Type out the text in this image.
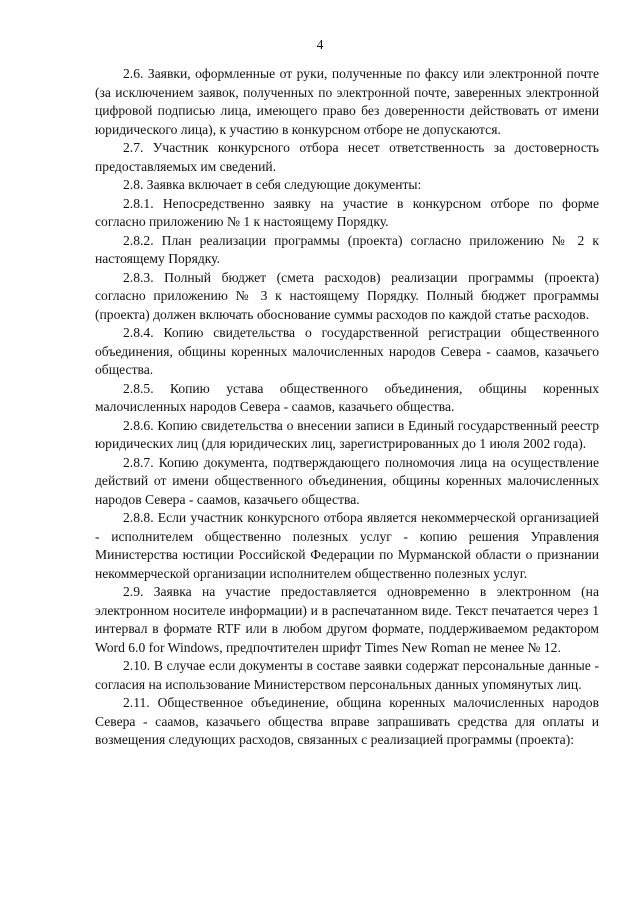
4

2.6. Заявки, оформленные от руки, полученные по факсу или электронной почте (за исключением заявок, полученных по электронной почте, заверенных электронной цифровой подписью лица, имеющего право без доверенности действовать от имени юридического лица), к участию в конкурсном отборе не допускаются.

2.7. Участник конкурсного отбора несет ответственность за достоверность предоставляемых им сведений.

2.8. Заявка включает в себя следующие документы:

2.8.1. Непосредственно заявку на участие в конкурсном отборе по форме согласно приложению № 1 к настоящему Порядку.

2.8.2. План реализации программы (проекта) согласно приложению № 2 к настоящему Порядку.

2.8.3. Полный бюджет (смета расходов) реализации программы (проекта) согласно приложению № 3 к настоящему Порядку. Полный бюджет программы (проекта) должен включать обоснование суммы расходов по каждой статье расходов.

2.8.4. Копию свидетельства о государственной регистрации общественного объединения, общины коренных малочисленных народов Севера - саамов, казачьего общества.

2.8.5. Копию устава общественного объединения, общины коренных малочисленных народов Севера - саамов, казачьего общества.

2.8.6. Копию свидетельства о внесении записи в Единый государственный реестр юридических лиц (для юридических лиц, зарегистрированных до 1 июля 2002 года).

2.8.7. Копию документа, подтверждающего полномочия лица на осуществление действий от имени общественного объединения, общины коренных малочисленных народов Севера - саамов, казачьего общества.

2.8.8. Если участник конкурсного отбора является некоммерческой организацией - исполнителем общественно полезных услуг - копию решения Управления Министерства юстиции Российской Федерации по Мурманской области о признании некоммерческой организации исполнителем общественно полезных услуг.

2.9. Заявка на участие предоставляется одновременно в электронном (на электронном носителе информации) и в распечатанном виде. Текст печатается через 1 интервал в формате RTF или в любом другом формате, поддерживаемом редактором Word 6.0 for Windows, предпочтителен шрифт Times New Roman не менее № 12.

2.10. В случае если документы в составе заявки содержат персональные данные - согласия на использование Министерством персональных данных упомянутых лиц.

2.11. Общественное объединение, община коренных малочисленных народов Севера - саамов, казачьего общества вправе запрашивать средства для оплаты и возмещения следующих расходов, связанных с реализацией программы (проекта):
